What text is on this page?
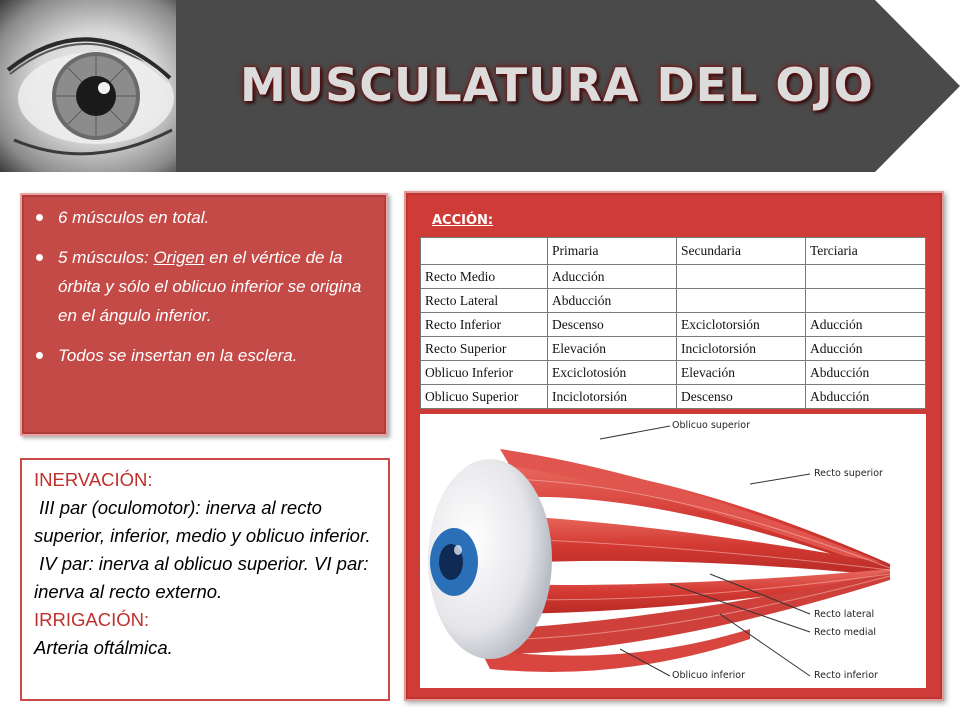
MUSCULATURA DEL OJO
6 músculos en total.
5 músculos: Origen en el vértice de la órbita y sólo el oblicuo inferior se origina en el ángulo inferior.
Todos se insertan en la esclera.
INERVACIÓN:
III par (oculomotor): inerva al recto superior, inferior, medio y oblicuo inferior.
IV par: inerva al oblicuo superior. VI par: inerva al recto externo.
IRRIGACIÓN:
Arteria oftálmica.
ACCIÓN:
	Primaria	Secundaria	Terciaria
Recto Medio	Aducción		
Recto Lateral	Abducción		
Recto Inferior	Descenso	Exciclotorsión	Aducción
Recto Superior	Elevación	Inciclotorsión	Aducción
Oblicuo Inferior	Exciclotosión	Elevación	Abducción
Oblicuo Superior	Inciclotorsión	Descenso	Abducción
Oblicuo superior
Recto superior
Recto lateral
Recto medial
Oblicuo inferior	Recto inferior
